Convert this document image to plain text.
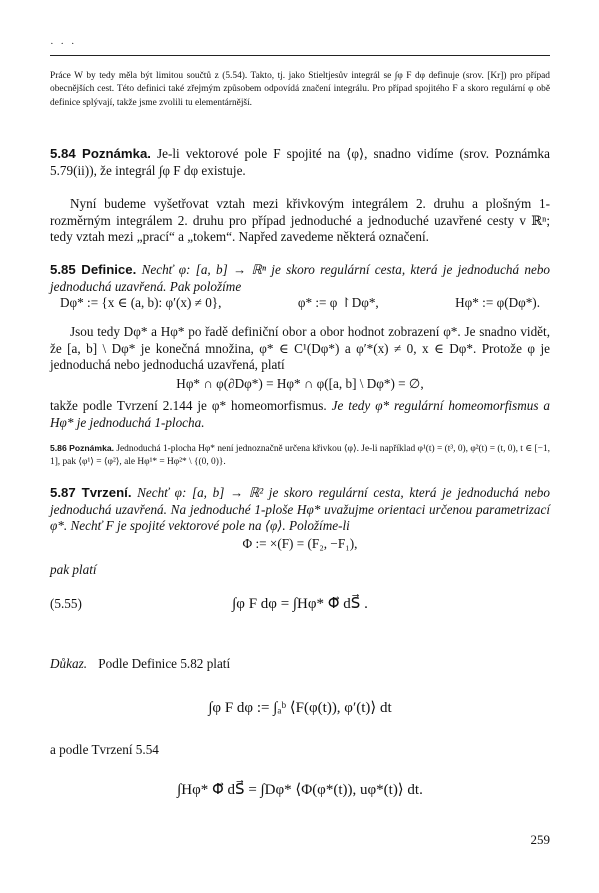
· · ·

Práce W by tedy měla být limitou součtů z (5.54). Takto, tj. jako Stieltjesův integrál se ∫φ F dφ definuje (srov. [Kr]) pro případ obecnějších cest. Této definici také zřejmým způsobem odpovídá značení integrálu. Pro případ spojitého F a skoro regulární φ obě definice splývají, takže jsme zvolili tu elementárnější.

5.84 Poznámka. Je-li vektorové pole F spojité na ⟨φ⟩, snadno vidíme (srov. Poznámka 5.79(ii)), že integrál ∫φ F dφ existuje.

Nyní budeme vyšetřovat vztah mezi křivkovým integrálem 2. druhu a plošným 1-rozměrným integrálem 2. druhu pro případ jednoduché a jednoduché uzavřené cesty v ℝⁿ; tedy vztah mezi „prací“ a „tokem“. Napřed zavedeme některá označení.

5.85 Definice. Nechť φ: [a, b] → ℝⁿ je skoro regulární cesta, která je jednoduchá nebo jednoduchá uzavřená. Pak položíme

Dφ* := {x ∈ (a, b): φ′(x) ≠ 0},	φ* := φ ↾Dφ*,	Hφ* := φ(Dφ*).

Jsou tedy Dφ* a Hφ* po řadě definiční obor a obor hodnot zobrazení φ*. Je snadno vidět, že [a, b] \ Dφ* je konečná množina, φ* ∈ C¹(Dφ*) a φ′*(x) ≠ 0, x ∈ Dφ*. Protože φ je jednoduchá nebo jednoduchá uzavřená, platí

Hφ* ∩ φ(∂Dφ*) = Hφ* ∩ φ([a, b] \ Dφ*) = ∅,

takže podle Tvrzení 2.144 je φ* homeomorfismus. Je tedy φ* regulární homeomorfismus a Hφ* je jednoduchá 1-plocha.

5.86 Poznámka. Jednoduchá 1-plocha Hφ* není jednoznačně určena křivkou ⟨φ⟩. Je-li například φ¹(t) = (t³, 0), φ²(t) = (t, 0), t ∈ [−1, 1], pak ⟨φ¹⟩ = ⟨φ²⟩, ale Hφ¹* = Hφ²* \ {(0, 0)}.

5.87 Tvrzení. Nechť φ: [a, b] → ℝ² je skoro regulární cesta, která je jednoduchá nebo jednoduchá uzavřená. Na jednoduché 1-ploše Hφ* uvažujme orientaci určenou parametrizací φ*. Nechť F je spojité vektorové pole na ⟨φ⟩. Položíme-li

Φ := ×(F) = (F₂, −F₁),

pak platí

(5.55)	∫φ F dφ = ∫Hφ* Φ⃗ dS⃗ .

Důkaz. Podle Definice 5.82 platí

∫φ F dφ := ∫ₐᵇ ⟨F(φ(t)), φ′(t)⟩ dt

a podle Tvrzení 5.54

∫Hφ* Φ⃗ dS⃗ = ∫Dφ* ⟨Φ(φ*(t)), uφ*(t)⟩ dt.

259
